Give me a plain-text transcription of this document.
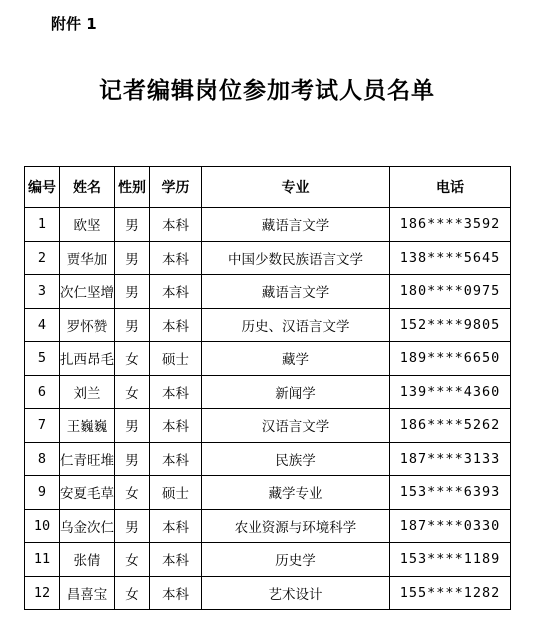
附件 1
记者编辑岗位参加考试人员名单
编号	姓名	性别	学历	专业	电话
1	欧坚	男	本科	藏语言文学	186****3592
2	贾华加	男	本科	中国少数民族语言文学	138****5645
3	次仁坚增	男	本科	藏语言文学	180****0975
4	罗怀赞	男	本科	历史、汉语言文学	152****9805
5	扎西昂毛	女	硕士	藏学	189****6650
6	刘兰	女	本科	新闻学	139****4360
7	王巍巍	男	本科	汉语言文学	186****5262
8	仁青旺堆	男	本科	民族学	187****3133
9	安夏毛草	女	硕士	藏学专业	153****6393
10	乌金次仁	男	本科	农业资源与环境科学	187****0330
11	张倩	女	本科	历史学	153****1189
12	昌喜宝	女	本科	艺术设计	155****1282
